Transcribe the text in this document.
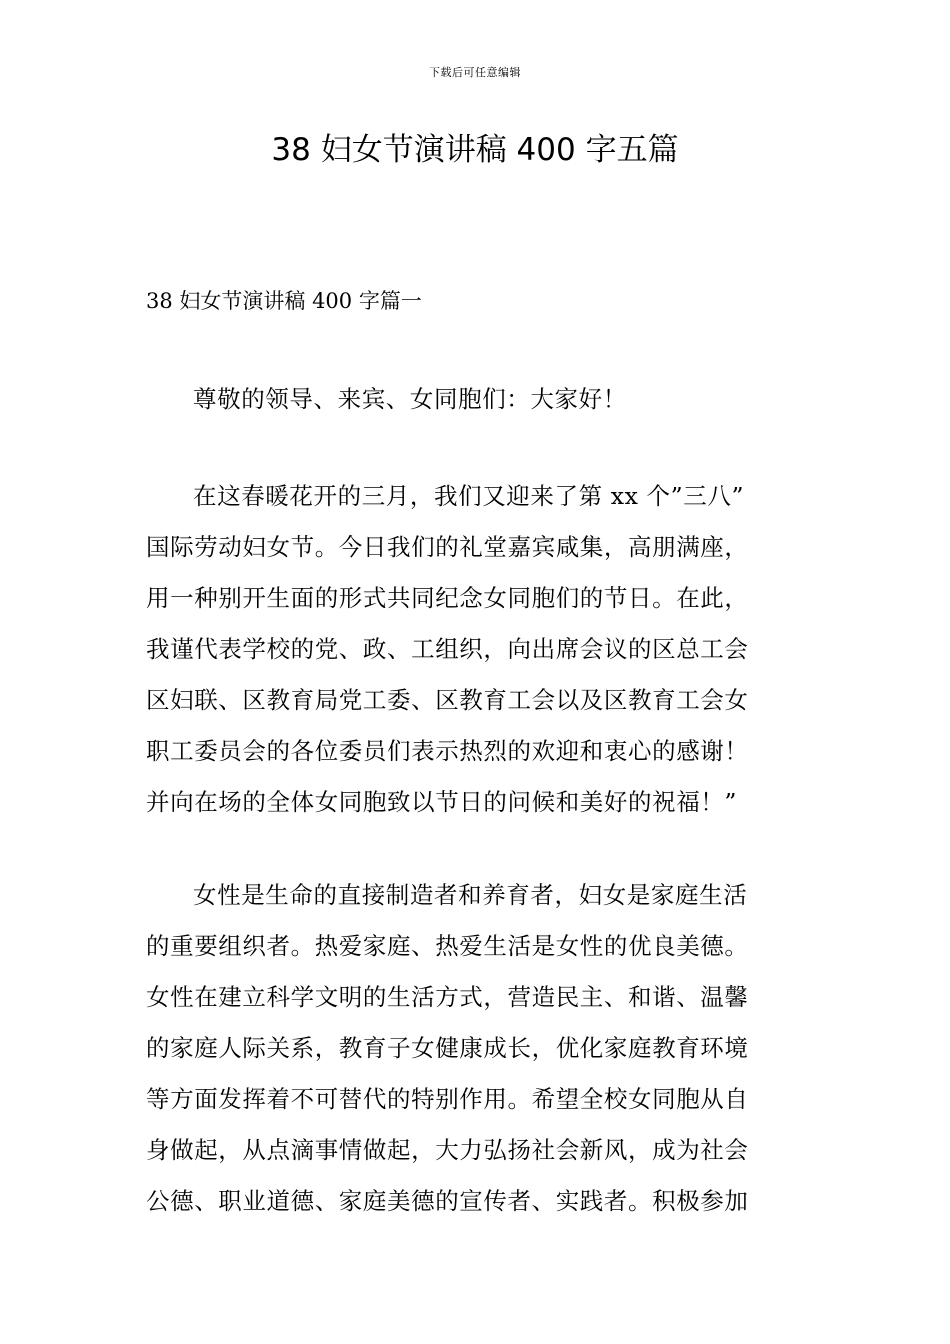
下载后可任意编辑
38 妇女节演讲稿 400 字五篇
38 妇女节演讲稿 400 字篇一

尊敬的领导、来宾、女同胞们：大家好！

在这春暖花开的三月，我们又迎来了第 xx 个”三八”
国际劳动妇女节。今日我们的礼堂嘉宾咸集，高朋满座，
用一种别开生面的形式共同纪念女同胞们的节日。在此，
我谨代表学校的党、政、工组织，向出席会议的区总工会
区妇联、区教育局党工委、区教育工会以及区教育工会女
职工委员会的各位委员们表示热烈的欢迎和衷心的感谢！
并向在场的全体女同胞致以节日的问候和美好的祝福！”

女性是生命的直接制造者和养育者，妇女是家庭生活
的重要组织者。热爱家庭、热爱生活是女性的优良美德。
女性在建立科学文明的生活方式，营造民主、和谐、温馨
的家庭人际关系，教育子女健康成长，优化家庭教育环境
等方面发挥着不可替代的特别作用。希望全校女同胞从自
身做起，从点滴事情做起，大力弘扬社会新风，成为社会
公德、职业道德、家庭美德的宣传者、实践者。积极参加
